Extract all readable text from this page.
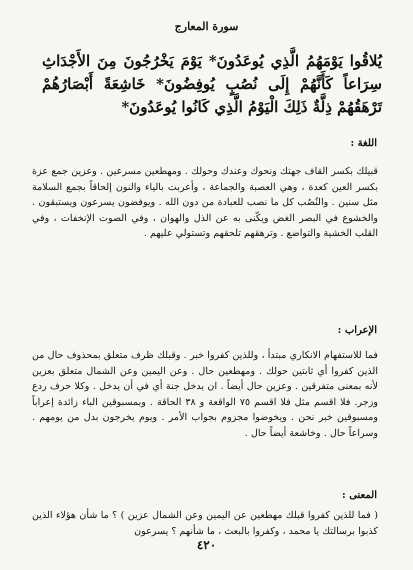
سورة المعارج
يُلاقُوا يَوْمَهُمُ الَّذِي يُوعَدُونَ* يَوْمَ يَخْرُجُونَ مِنَ الأَجْدَاثِ سِرَاعاً كَأَنَّهُمْ إِلَى نُصُبٍ يُوفِضُونَ* خَاشِعَةً أَبْصَارُهُمْ تَرْهَقُهُمْ ذِلَّةٌ ذَلِكَ الْيَوْمُ الَّذِي كَانُوا يُوعَدُونَ*
اللغة :
قبيلك بكسر القاف جهتك ونحوك وعندك وحولك . ومهطعين مسرعين . وعزين جمع عزة بكسر العين كعدة ، وهي العصبة والجماعة ، وأعربت بالياء والنون إلحاقاً بجمع السلامة مثل سنين . والنُصُب كل ما نصب للعبادة من دون الله . ويوفضون يسرعون ويستبقون . والخشوع في البصر الغض ويكّنى به عن الذل والهوان ، وفي الصوت الإنخفات ، وفي القلب الخشية والتواضع . وترهقهم تلحقهم وتستولي عليهم .
الإعراب :
فما للاستفهام الانكاري مبتدأ ، وللذين كفروا خبر . وقبلك ظرف متعلق بمحذوف حال من الذين كفروا أي ثابتين حولك . ومهطعين حال . وعن اليمين وعن الشمال متعلق بعزين لأنه بمعنى متفرقين . وعزين حال أيضاً . ان يدخل جنة أي في أن يدخل . وكلا حرف ردع وزجر. فلا اقسم مثل فلا اقسم ٧٥ الواقعة و ٣٨ الحاقة . وبمسبوقين الباء زائدة إعراباً ومسبوقين خبر نحن . ويخوضوا مجزوم بجواب الأمر . ويوم يخرجون بدل من يومهم . وسراعاً حال . وخاشعة أيضاً حال .
المعنى :
( فما للذين كفروا قبلك مهطعين عن اليمين وعن الشمال عزين ) ؟ ما شأن هؤلاء الذين كذبوا برسالتك يا محمد ، وكفروا بالبعث ، ما شأنهم ؟ يسرعون
٤٢٠
